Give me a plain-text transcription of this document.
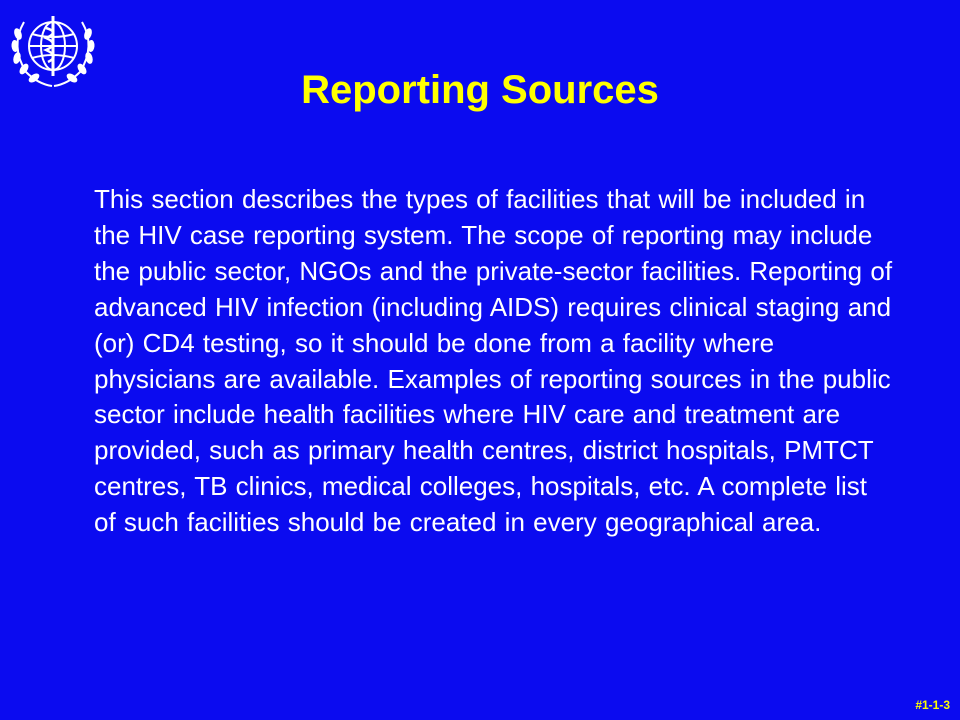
Reporting Sources

This section describes the types of facilities that will be included in the HIV case reporting system. The scope of reporting may include the public sector, NGOs and the private-sector facilities. Reporting of advanced HIV infection (including AIDS) requires clinical staging and (or) CD4 testing, so it should be done from a facility where physicians are available. Examples of reporting sources in the public sector include health facilities where HIV care and treatment are provided, such as primary health centres, district hospitals, PMTCT centres, TB clinics, medical colleges, hospitals, etc. A complete list of such facilities should be created in every geographical area.

#1-1-3
